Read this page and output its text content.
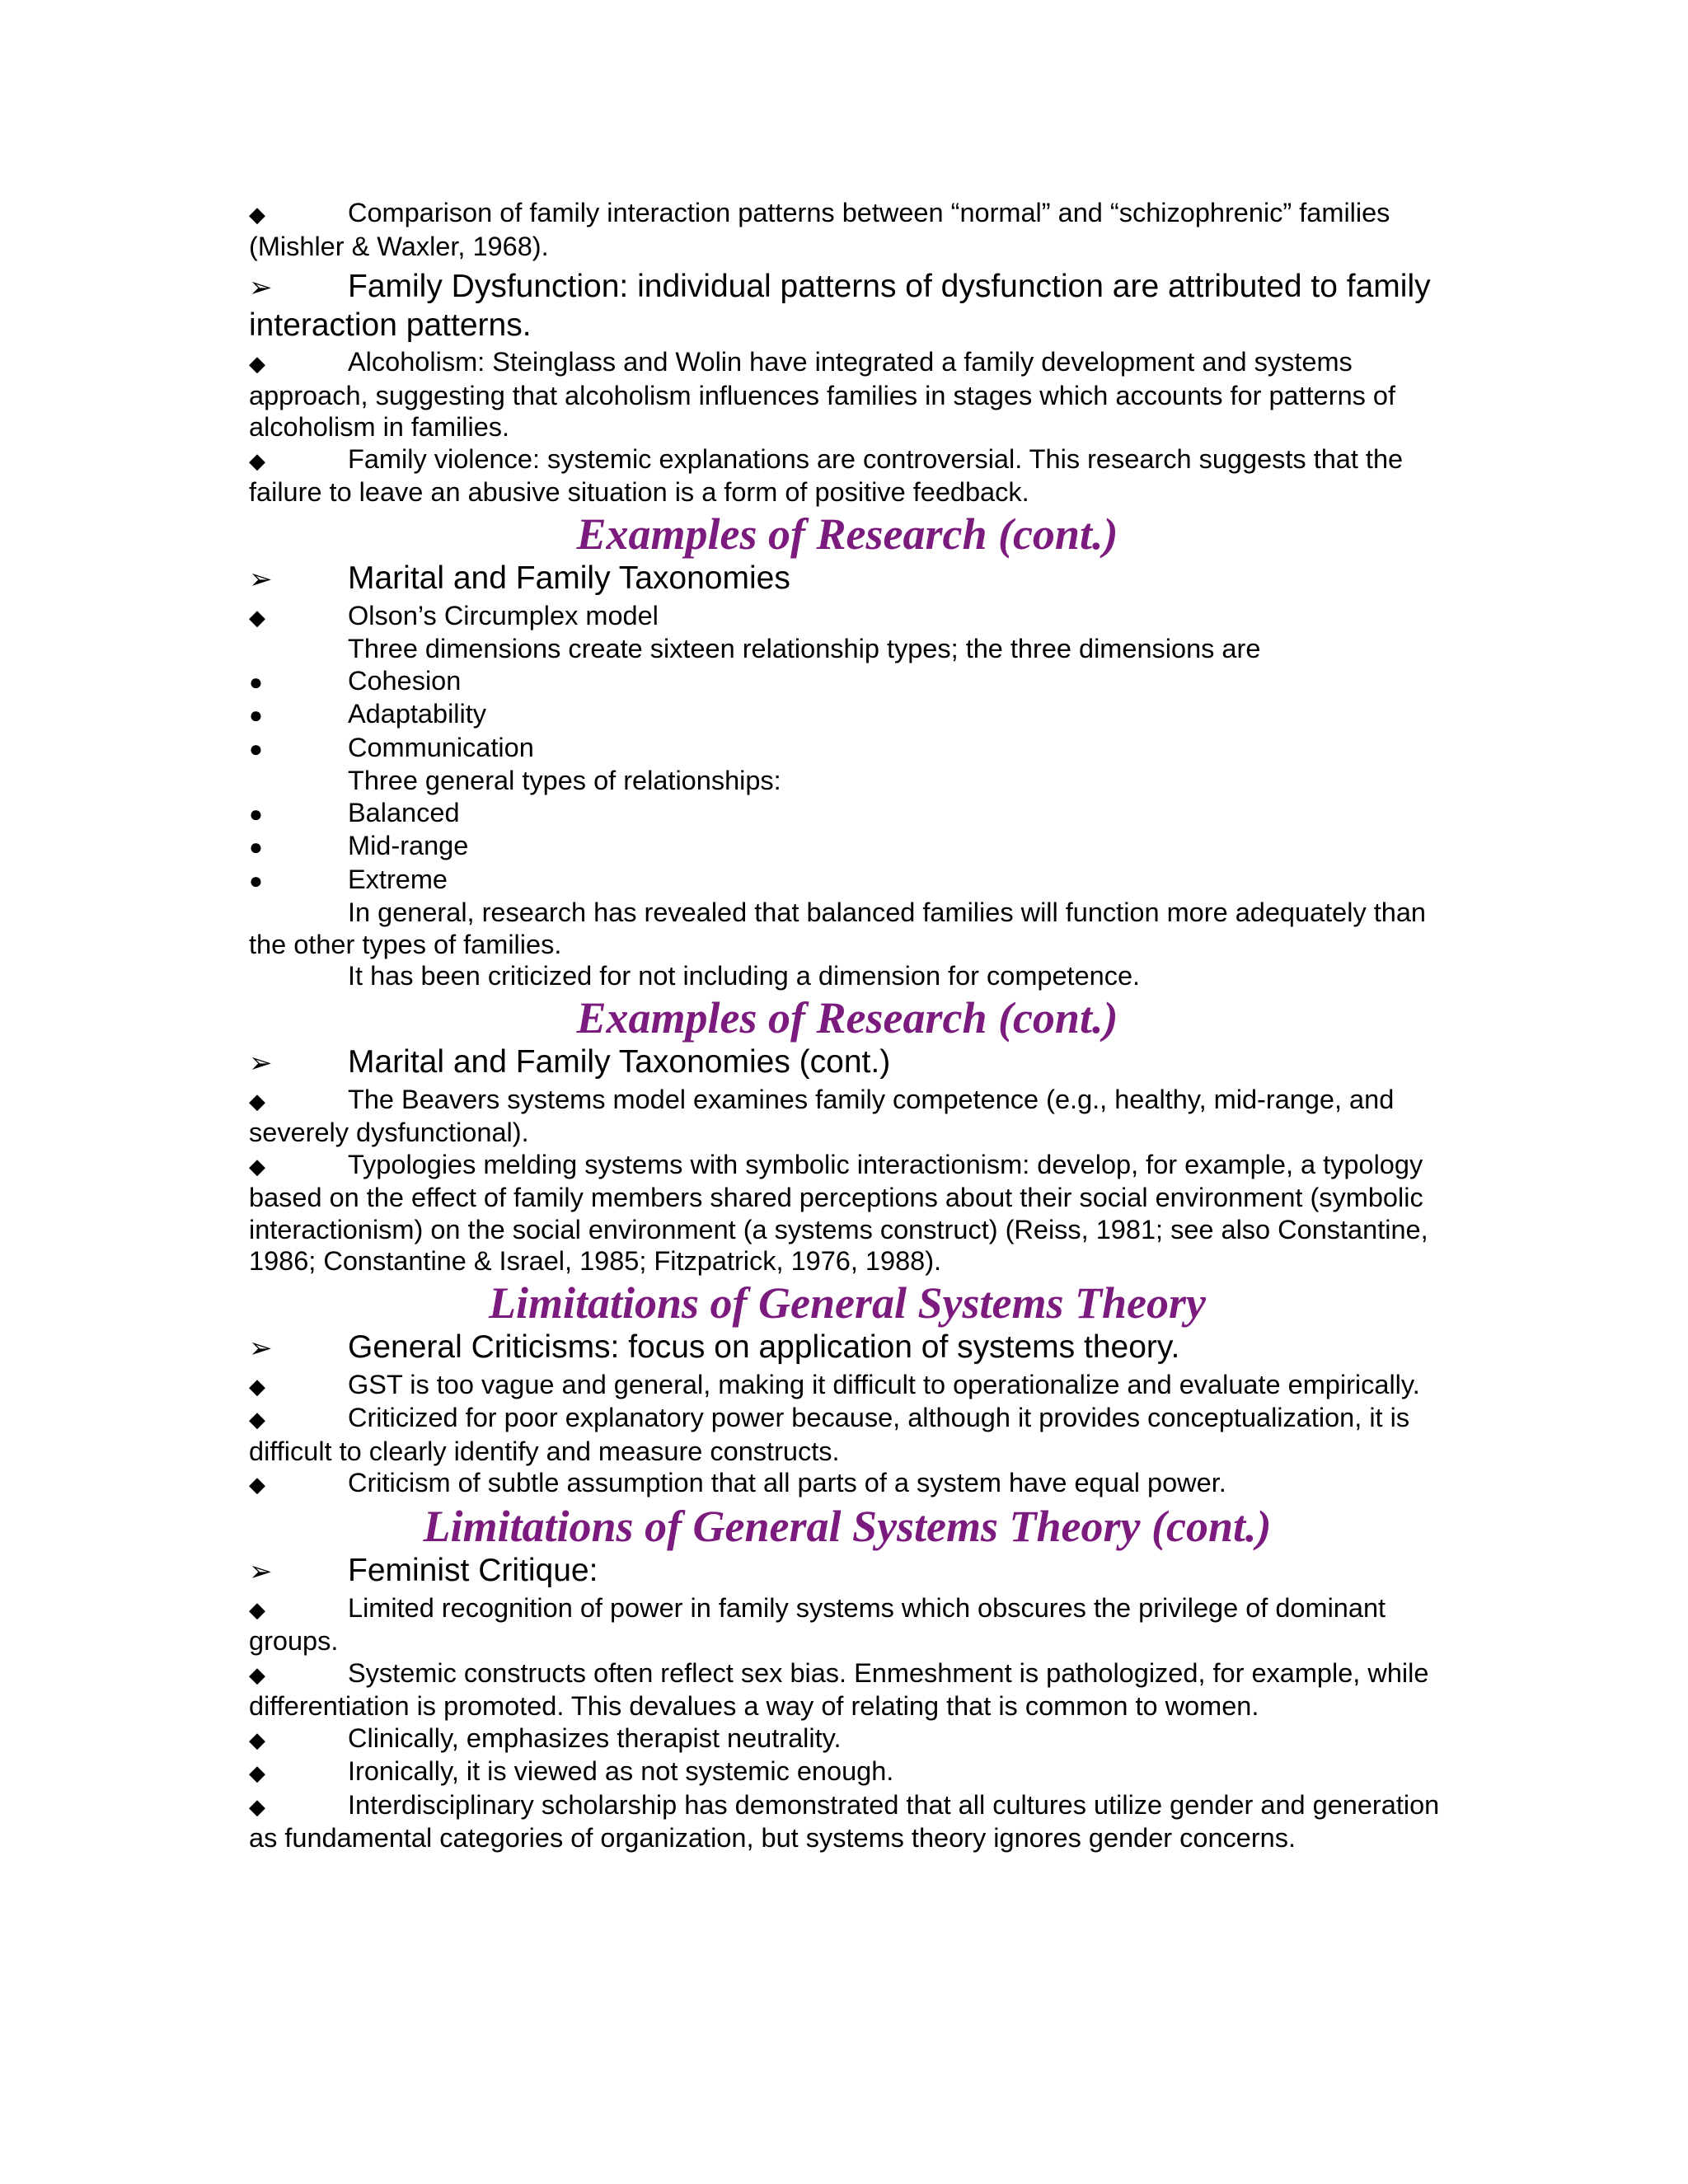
◆	Comparison of family interaction patterns between “normal” and “schizophrenic” families (Mishler & Waxler, 1968).

➢ Family Dysfunction: individual patterns of dysfunction are attributed to family interaction patterns.

◆	Alcoholism: Steinglass and Wolin have integrated a family development and systems approach, suggesting that alcoholism influences families in stages which accounts for patterns of alcoholism in families.

◆	Family violence: systemic explanations are controversial. This research suggests that the failure to leave an abusive situation is a form of positive feedback.

Examples of Research (cont.)

➢ Marital and Family Taxonomies

◆	Olson’s Circumplex model

Three dimensions create sixteen relationship types; the three dimensions are

●	Cohesion

●	Adaptability

●	Communication

Three general types of relationships:

●	Balanced

●	Mid-range

●	Extreme

In general, research has revealed that balanced families will function more adequately than the other types of families.

It has been criticized for not including a dimension for competence.

Examples of Research (cont.)

➢ Marital and Family Taxonomies (cont.)

◆	The Beavers systems model examines family competence (e.g., healthy, mid-range, and severely dysfunctional).

◆	Typologies melding systems with symbolic interactionism: develop, for example, a typology based on the effect of family members shared perceptions about their social environment (symbolic interactionism) on the social environment (a systems construct) (Reiss, 1981; see also Constantine, 1986; Constantine & Israel, 1985; Fitzpatrick, 1976, 1988).

Limitations of General Systems Theory

➢ General Criticisms: focus on application of systems theory.

◆	GST is too vague and general, making it difficult to operationalize and evaluate empirically.

◆	Criticized for poor explanatory power because, although it provides conceptualization, it is difficult to clearly identify and measure constructs.

◆	Criticism of subtle assumption that all parts of a system have equal power.

Limitations of General Systems Theory (cont.)

➢ Feminist Critique:

◆	Limited recognition of power in family systems which obscures the privilege of dominant groups.

◆	Systemic constructs often reflect sex bias. Enmeshment is pathologized, for example, while differentiation is promoted. This devalues a way of relating that is common to women.

◆	Clinically, emphasizes therapist neutrality.

◆	Ironically, it is viewed as not systemic enough.

◆	Interdisciplinary scholarship has demonstrated that all cultures utilize gender and generation as fundamental categories of organization, but systems theory ignores gender concerns.
